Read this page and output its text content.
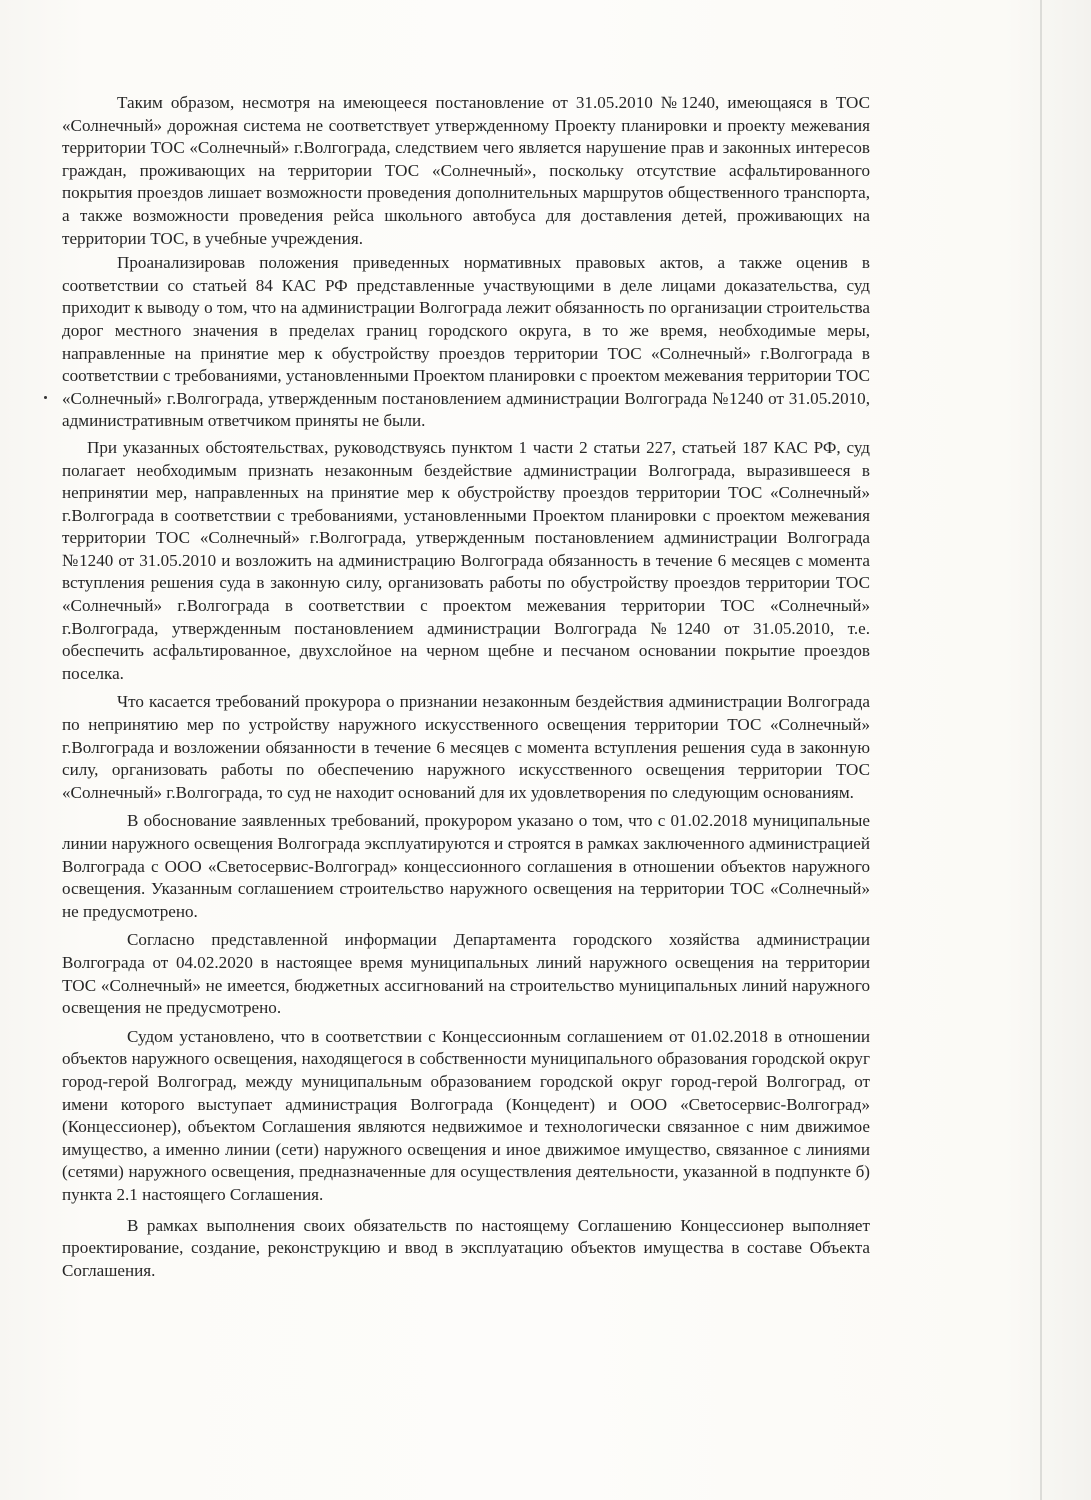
Таким образом, несмотря на имеющееся постановление от 31.05.2010 №1240, имеющаяся в ТОС «Солнечный» дорожная система не соответствует утвержденному Проекту планировки и проекту межевания территории ТОС «Солнечный» г.Волгограда, следствием чего является нарушение прав и законных интересов граждан, проживающих на территории ТОС «Солнечный», поскольку отсутствие асфальтированного покрытия проездов лишает возможности проведения дополнительных маршрутов общественного транспорта, а также возможности проведения рейса школьного автобуса для доставления детей, проживающих на территории ТОС, в учебные учреждения.

Проанализировав положения приведенных нормативных правовых актов, а также оценив в соответствии со статьей 84 КАС РФ представленные участвующими в деле лицами доказательства, суд приходит к выводу о том, что на администрации Волгограда лежит обязанность по организации строительства дорог местного значения в пределах границ городского округа, в то же время, необходимые меры, направленные на принятие мер к обустройству проездов территории ТОС «Солнечный» г.Волгограда в соответствии с требованиями, установленными Проектом планировки с проектом межевания территории ТОС «Солнечный» г.Волгограда, утвержденным постановлением администрации Волгограда №1240 от 31.05.2010, административным ответчиком приняты не были.

При указанных обстоятельствах, руководствуясь пунктом 1 части 2 статьи 227, статьей 187 КАС РФ, суд полагает необходимым признать незаконным бездействие администрации Волгограда, выразившееся в непринятии мер, направленных на принятие мер к обустройству проездов территории ТОС «Солнечный» г.Волгограда в соответствии с требованиями, установленными Проектом планировки с проектом межевания территории ТОС «Солнечный» г.Волгограда, утвержденным постановлением администрации Волгограда №1240 от 31.05.2010 и возложить на администрацию Волгограда обязанность в течение 6 месяцев с момента вступления решения суда в законную силу, организовать работы по обустройству проездов территории ТОС «Солнечный» г.Волгограда в соответствии с проектом межевания территории ТОС «Солнечный» г.Волгограда, утвержденным постановлением администрации Волгограда №1240 от 31.05.2010, т.е. обеспечить асфальтированное, двухслойное на черном щебне и песчаном основании покрытие проездов поселка.

Что касается требований прокурора о признании незаконным бездействия администрации Волгограда по непринятию мер по устройству наружного искусственного освещения территории ТОС «Солнечный» г.Волгограда и возложении обязанности в течение 6 месяцев с момента вступления решения суда в законную силу, организовать работы по обеспечению наружного искусственного освещения территории ТОС «Солнечный» г.Волгограда, то суд не находит оснований для их удовлетворения по следующим основаниям.

В обоснование заявленных требований, прокурором указано о том, что с 01.02.2018 муниципальные линии наружного освещения Волгограда эксплуатируются и строятся в рамках заключенного администрацией Волгограда с ООО «Светосервис-Волгоград» концессионного соглашения в отношении объектов наружного освещения. Указанным соглашением строительство наружного освещения на территории ТОС «Солнечный» не предусмотрено.

Согласно представленной информации Департамента городского хозяйства администрации Волгограда от 04.02.2020 в настоящее время муниципальных линий наружного освещения на территории ТОС «Солнечный» не имеется, бюджетных ассигнований на строительство муниципальных линий наружного освещения не предусмотрено.

Судом установлено, что в соответствии с Концессионным соглашением от 01.02.2018 в отношении объектов наружного освещения, находящегося в собственности муниципального образования городской округ город-герой Волгоград, между муниципальным образованием городской округ город-герой Волгоград, от имени которого выступает администрация Волгограда (Концедент) и ООО «Светосервис-Волгоград» (Концессионер), объектом Соглашения являются недвижимое и технологически связанное с ним движимое имущество, а именно линии (сети) наружного освещения и иное движимое имущество, связанное с линиями (сетями) наружного освещения, предназначенные для осуществления деятельности, указанной в подпункте б) пункта 2.1 настоящего Соглашения.

В рамках выполнения своих обязательств по настоящему Соглашению Концессионер выполняет проектирование, создание, реконструкцию и ввод в эксплуатацию объектов имущества в составе Объекта Соглашения.
